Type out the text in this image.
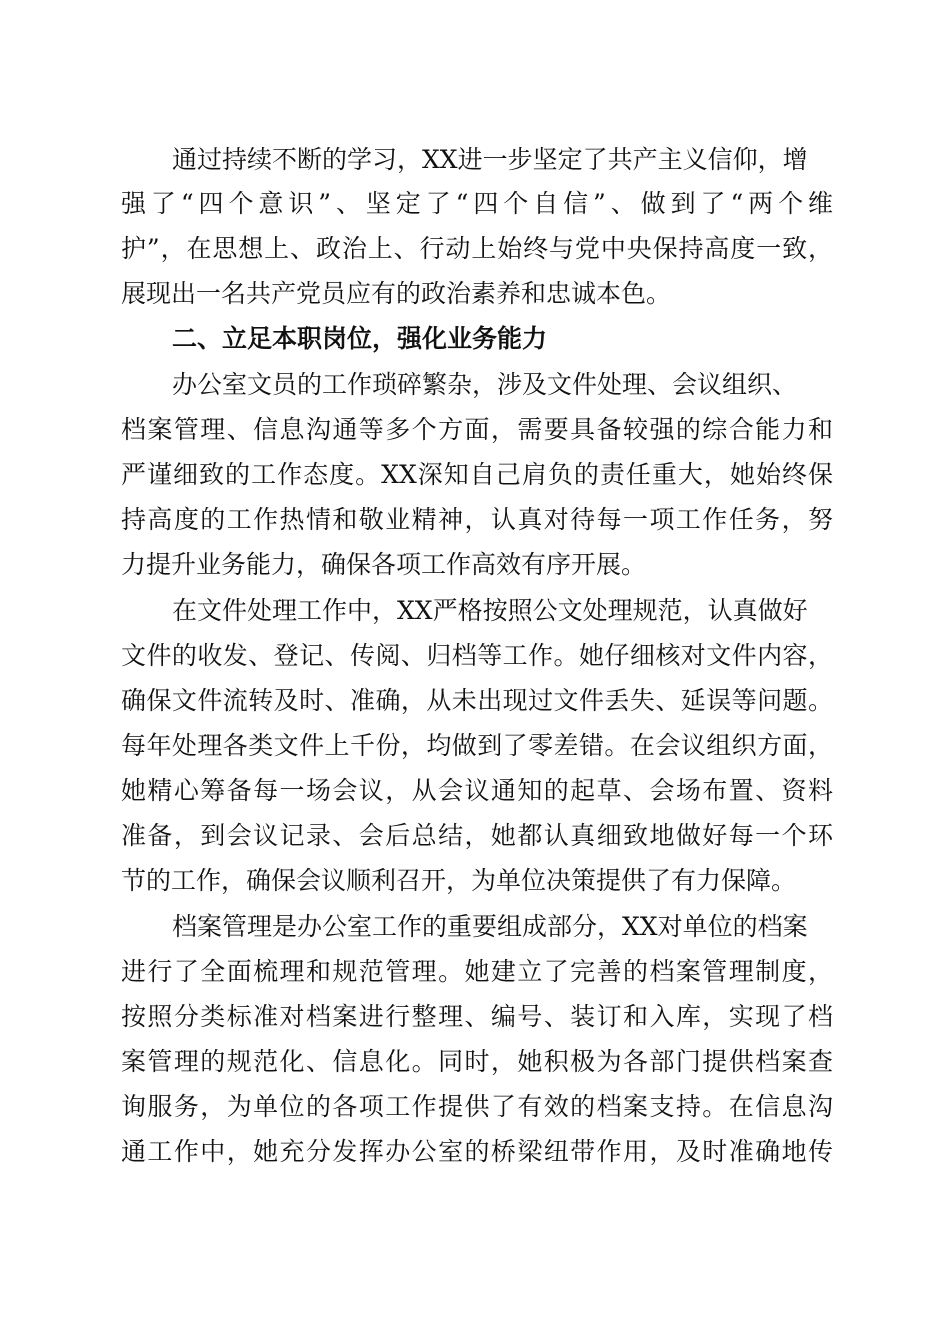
通过持续不断的学习，XX进一步坚定了共产主义信仰，增
强了“四个意识”、坚定了“四个自信”、做到了“两个维
护”，在思想上、政治上、行动上始终与党中央保持高度一致，
展现出一名共产党员应有的政治素养和忠诚本色。
二、立足本职岗位，强化业务能力
办公室文员的工作琐碎繁杂，涉及文件处理、会议组织、
档案管理、信息沟通等多个方面，需要具备较强的综合能力和
严谨细致的工作态度。XX深知自己肩负的责任重大，她始终保
持高度的工作热情和敬业精神，认真对待每一项工作任务，努
力提升业务能力，确保各项工作高效有序开展。
在文件处理工作中，XX严格按照公文处理规范，认真做好
文件的收发、登记、传阅、归档等工作。她仔细核对文件内容，
确保文件流转及时、准确，从未出现过文件丢失、延误等问题。
每年处理各类文件上千份，均做到了零差错。在会议组织方面，
她精心筹备每一场会议，从会议通知的起草、会场布置、资料
准备，到会议记录、会后总结，她都认真细致地做好每一个环
节的工作，确保会议顺利召开，为单位决策提供了有力保障。
档案管理是办公室工作的重要组成部分，XX对单位的档案
进行了全面梳理和规范管理。她建立了完善的档案管理制度，
按照分类标准对档案进行整理、编号、装订和入库，实现了档
案管理的规范化、信息化。同时，她积极为各部门提供档案查
询服务，为单位的各项工作提供了有效的档案支持。在信息沟
通工作中，她充分发挥办公室的桥梁纽带作用，及时准确地传
